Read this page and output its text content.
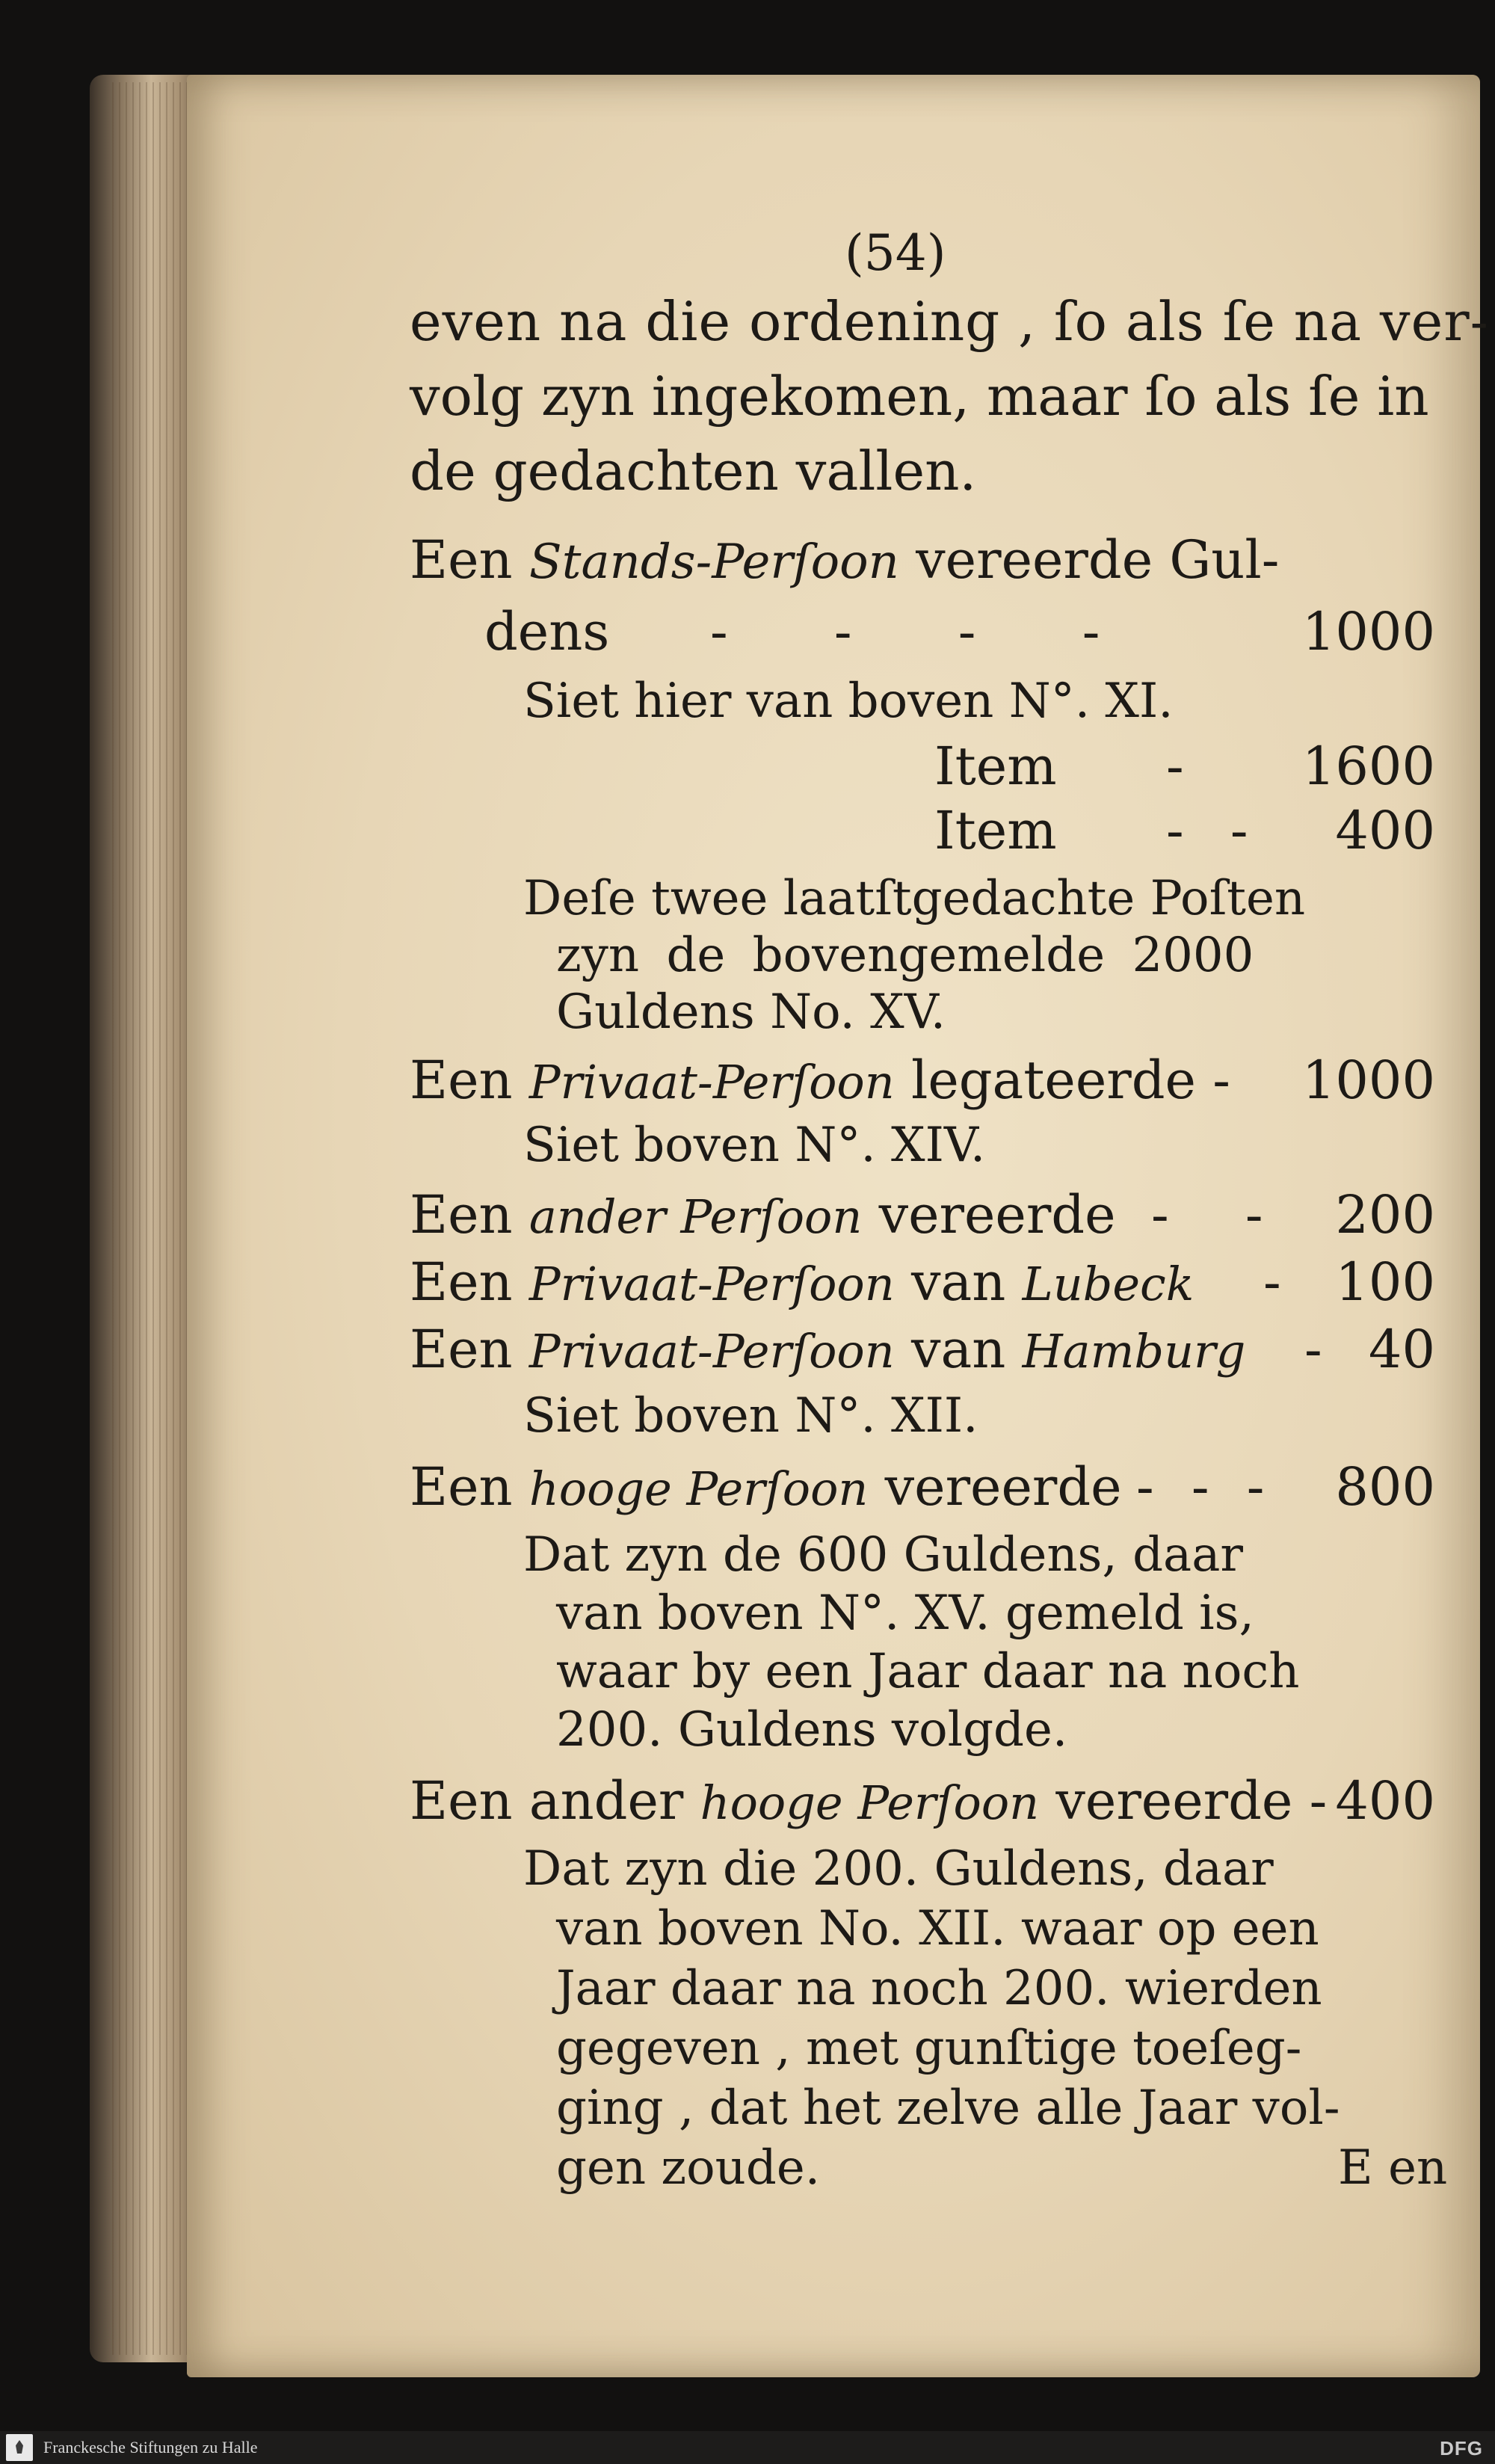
(54)
even na die ordening , ſo als ſe na ver-
volg zyn ingekomen, maar ſo als ſe in
de gedachten vallen.
Een Stands-Perſoon vereerde Gul-
dens - - - -	1000
Siet hier van boven N°. XI.
Item -	1600
Item - -	400
Deſe twee laatſtgedachte Poſten
zyn de bovengemelde 2000
Guldens No. XV.
Een Privaat-Perſoon legateerde -	1000
Siet boven N°. XIV.
Een ander Perſoon vereerde - - 200
Een Privaat-Perſoon van Lubeck -	100
Een Privaat-Perſoon van Hamburg - 40
Siet boven N°. XII.
Een hooge Perſoon vereerde - - -	800
Dat zyn de 600 Guldens, daar
van boven N°. XV. gemeld is,
waar by een Jaar daar na noch
200. Guldens volgde.
Een ander hooge Perſoon vereerde - 400
Dat zyn die 200. Guldens, daar
van boven No. XII. waar op een
Jaar daar na noch 200. wierden
gegeven , met gunſtige toeſeg-
ging , dat het zelve alle Jaar vol-
gen zoude.	E en
Franckesche Stiftungen zu Halle	DFG
